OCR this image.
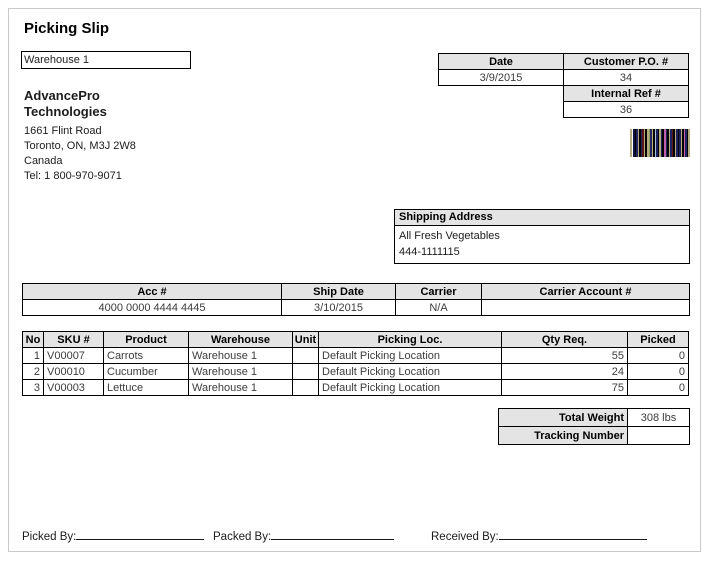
Picking Slip
Warehouse 1
AdvancePro
Technologies
1661 Flint Road
Toronto, ON, M3J 2W8
Canada
Tel: 1 800-970-9071
Date	Customer P.O. #
3/9/2015	34
	Internal Ref #
	36
Shipping Address
All Fresh Vegetables
444-1111115
Acc #	Ship Date	Carrier	Carrier Account #
4000 0000 4444 4445	3/10/2015	N/A	
No	SKU #	Product	Warehouse	Unit	Picking Loc.	Qty Req.	Picked
1	V00007	Carrots	Warehouse 1		Default Picking Location	55	0
2	V00010	Cucumber	Warehouse 1		Default Picking Location	24	0
3	V00003	Lettuce	Warehouse 1		Default Picking Location	75	0
Total Weight	308 lbs
Tracking Number	
Picked By:	Packed By:	Received By:
